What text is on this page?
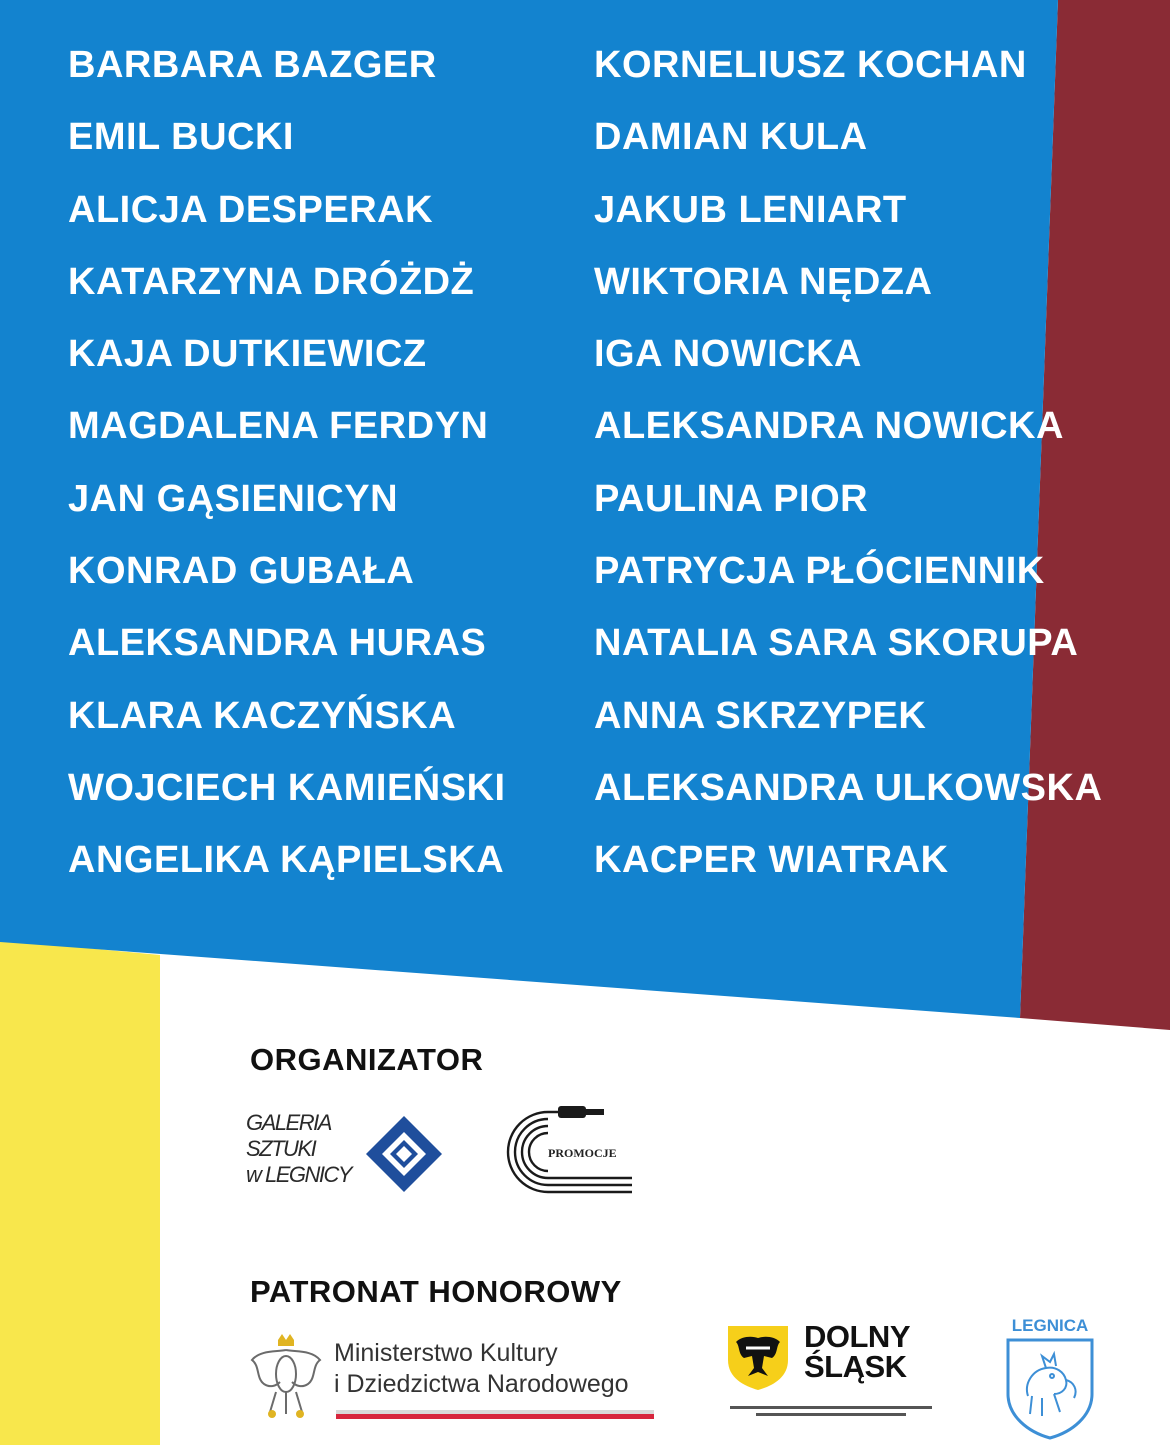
BARBARA BAZGER
EMIL BUCKI
ALICJA DESPERAK
KATARZYNA DRÓŻDŻ
KAJA DUTKIEWICZ
MAGDALENA FERDYN
JAN GĄSIENICYN
KONRAD GUBAŁA
ALEKSANDRA HURAS
KLARA KACZYŃSKA
WOJCIECH KAMIEŃSKI
ANGELIKA KĄPIELSKA
KORNELIUSZ KOCHAN
DAMIAN KULA
JAKUB LENIART
WIKTORIA NĘDZA
IGA NOWICKA
ALEKSANDRA NOWICKA
PAULINA PIOR
PATRYCJA PŁÓCIENNIK
NATALIA SARA SKORUPA
ANNA SKRZYPEK
ALEKSANDRA ULKOWSKA
KACPER WIATRAK
ORGANIZATOR
GALERIA
SZTUKI
w LEGNICY
PROMOCJE
PATRONAT HONOROWY
Ministerstwo Kultury
i Dziedzictwa Narodowego
DOLNY
ŚLĄSK
LEGNICA
